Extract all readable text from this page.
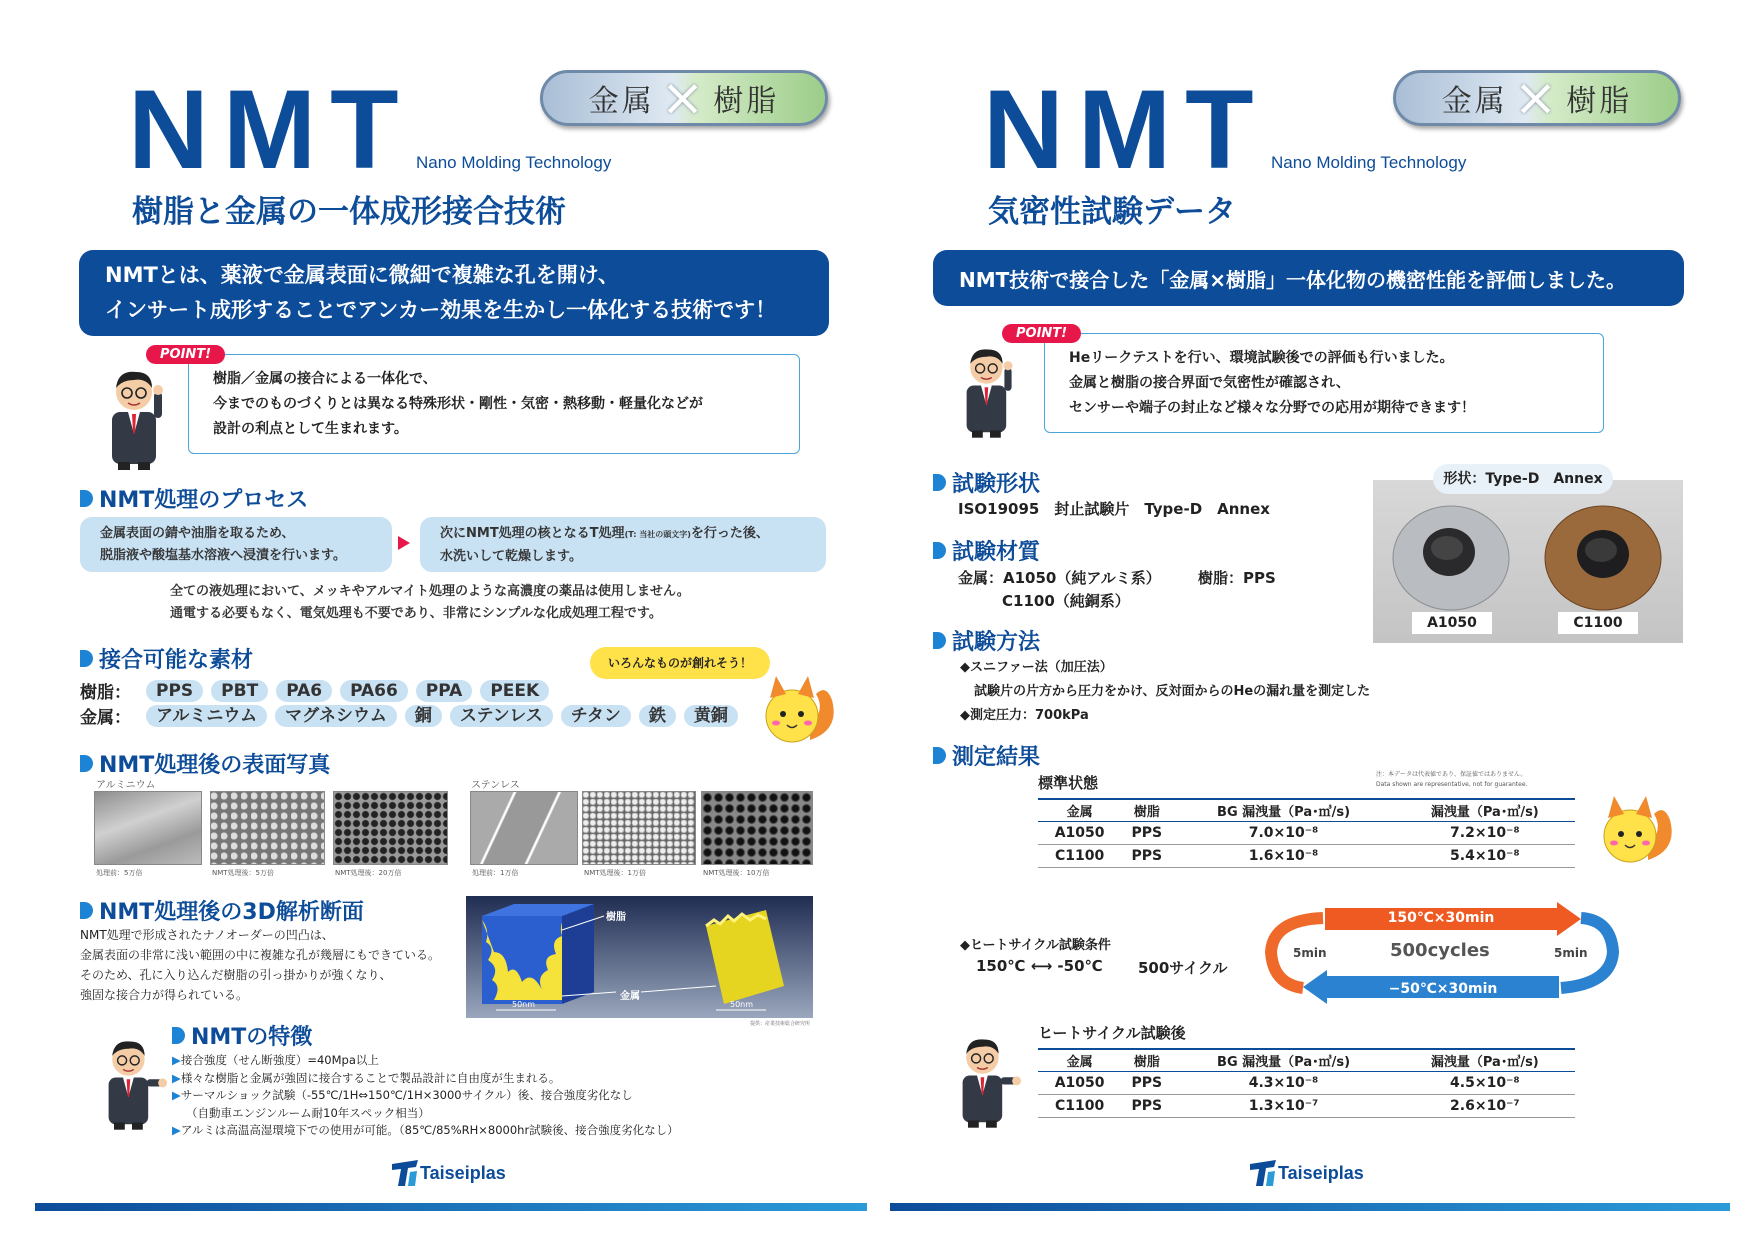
NMT Nano Molding Technology
樹脂と金属の一体成形接合技術
金属 × 樹脂
NMTとは、薬液で金属表面に微細で複雑な孔を開け、
インサート成形することでアンカー効果を生かし一体化する技術です！
樹脂／金属の接合による一体化で、
今までのものづくりとは異なる特殊形状・剛性・気密・熱移動・軽量化などが
設計の利点として生まれます。
POINT!
NMT処理のプロセス
金属表面の錆や油脂を取るため、
脱脂液や酸塩基水溶液へ浸漬を行います。
次にNMT処理の核となるT処理(T: 当社の頭文字)を行った後、
水洗いして乾燥します。
全ての液処理において、メッキやアルマイト処理のような高濃度の薬品は使用しません。
通電する必要もなく、電気処理も不要であり、非常にシンプルな化成処理工程です。
接合可能な素材	いろんなものが創れそう！
樹脂：	PPS	PBT	PA6	PA66	PPA	PEEK
金属：	アルミニウム	マグネシウム	銅	ステンレス	チタン	鉄	黄銅
NMT処理後の表面写真
アルミニウム	ステンレス
処理前：5万倍	NMT処理後：5万倍	NMT処理後：20万倍	処理前：1万倍	NMT処理後：1万倍	NMT処理後：10万倍
NMT処理後の3D解析断面
NMT処理で形成されたナノオーダーの凹凸は、
金属表面の非常に浅い範囲の中に複雑な孔が幾層にもできている。
そのため、孔に入り込んだ樹脂の引っ掛かりが強くなり、
強固な接合力が得られている。
樹脂
金属
50nm	50nm
提供：産業技術総合研究所
NMTの特徴
▶接合強度（せん断強度）=40Mpa以上
▶様々な樹脂と金属が強固に接合することで製品設計に自由度が生まれる。
▶サーマルショック試験（-55℃/1H⇔150℃/1H×3000サイクル）後、接合強度劣化なし
（自動車エンジンルーム耐10年スペック相当）
▶アルミは高温高湿環境下での使用が可能。（85℃/85%RH×8000hr試験後、接合強度劣化なし）
Taiseiplas
NMT Nano Molding Technology
気密性試験データ
金属 × 樹脂
NMT技術で接合した「金属×樹脂」一体化物の機密性能を評価しました。
Heリークテストを行い、環境試験後での評価も行いました。
金属と樹脂の接合界面で気密性が確認され、
センサーや端子の封止など様々な分野での応用が期待できます！
POINT!
試験形状
ISO19095　封止試験片　Type-D　Annex
試験材質
金属：A1050（純アルミ系） 樹脂：PPS
C1100（純銅系）
試験方法
◆スニファー法（加圧法）
試験片の片方から圧力をかけ、反対面からのHeの漏れ量を測定した
◆測定圧力：700kPa
形状：Type-D　Annex
A1050	C1100
測定結果
標準状態	注：本データは代表値であり、保証値ではありません。
Data shown are representative, not for guarantee.
金属	樹脂	BG 漏洩量（Pa･㎥/s)	漏洩量（Pa･㎥/s)
A1050	PPS	7.0×10⁻⁸	7.2×10⁻⁸
C1100	PPS	1.6×10⁻⁸	5.4×10⁻⁸
◆ヒートサイクル試験条件
150℃ ⟷ -50℃ 500サイクル
150℃×30min
−50℃×30min
5min	5min
500cycles
ヒートサイクル試験後
金属	樹脂	BG 漏洩量（Pa･㎥/s)	漏洩量（Pa･㎥/s)
A1050	PPS	4.3×10⁻⁸	4.5×10⁻⁸
C1100	PPS	1.3×10⁻⁷	2.6×10⁻⁷
Taiseiplas
